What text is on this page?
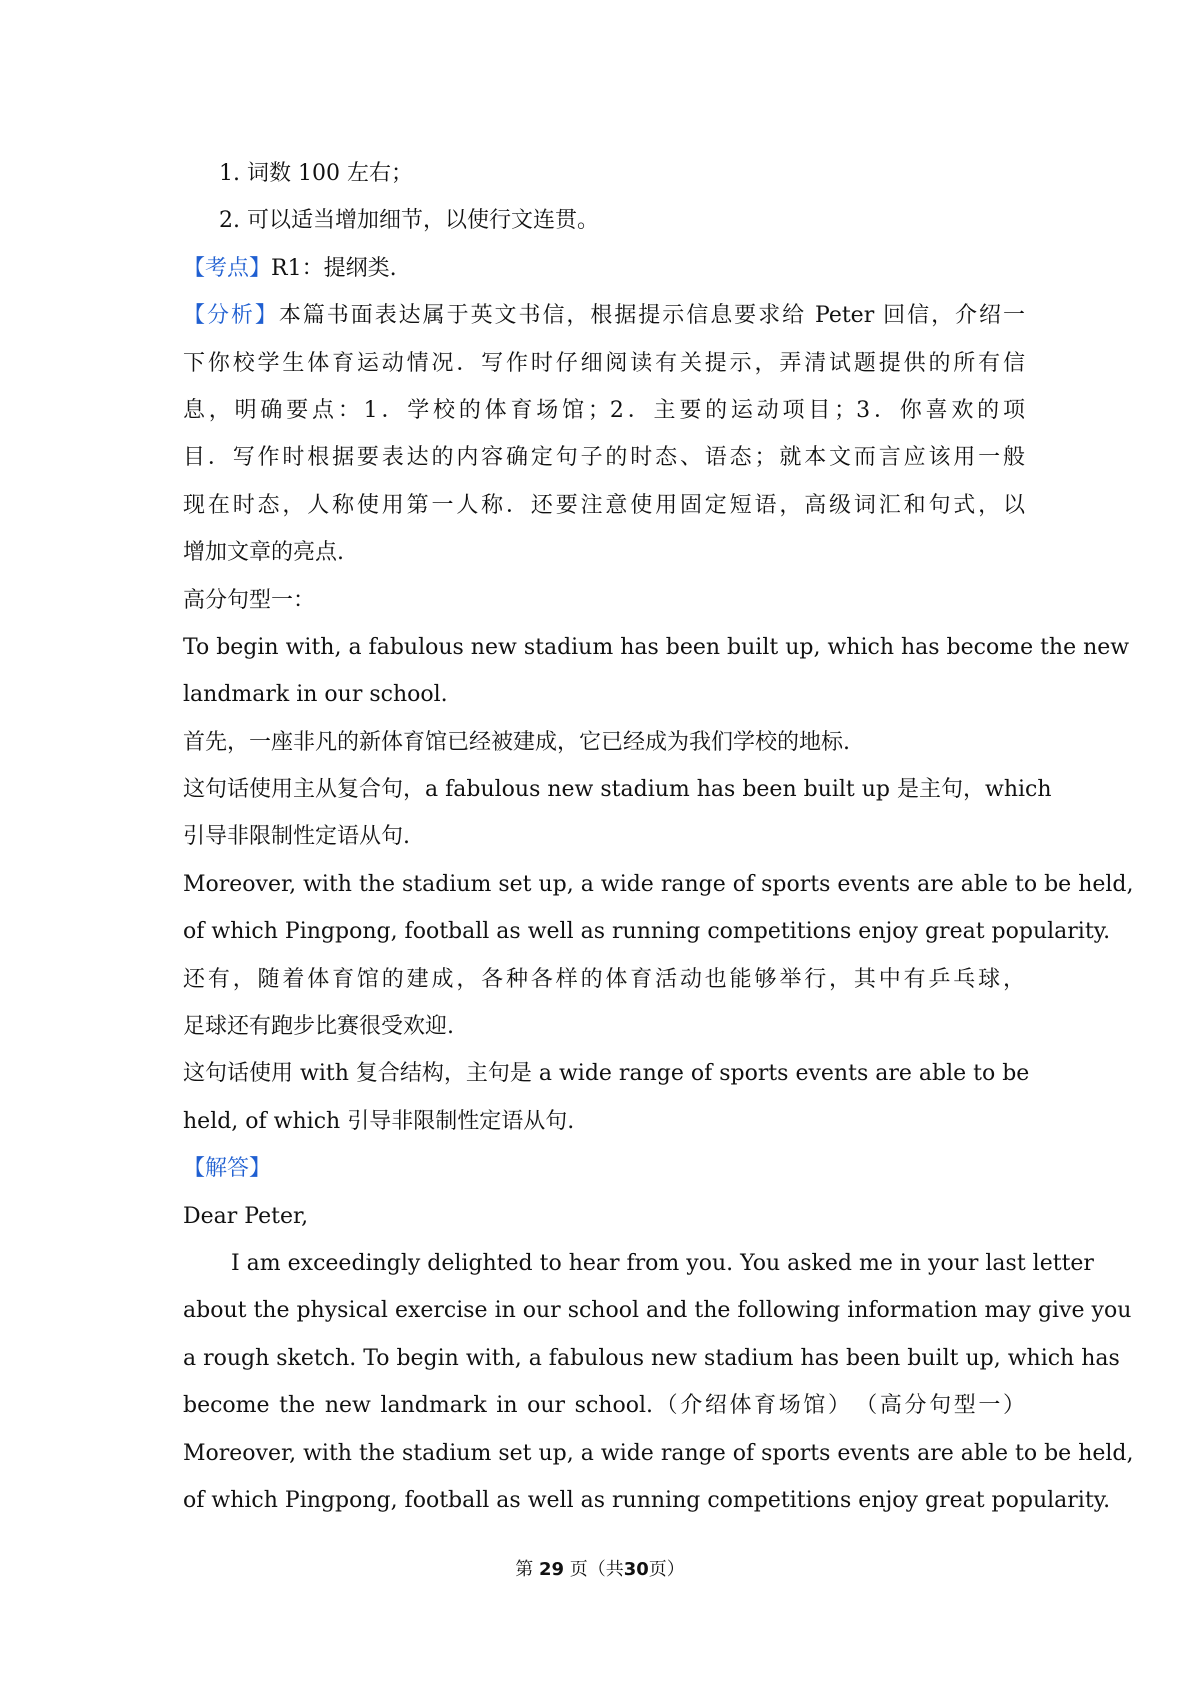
1. 词数 100 左右；
2. 可以适当增加细节，以使行文连贯。
【考点】R1：提纲类.
【分析】本篇书面表达属于英文书信，根据提示信息要求给 Peter 回信，介绍一
下你校学生体育运动情况．写作时仔细阅读有关提示，弄清试题提供的所有信
息，明确要点：1．学校的体育场馆；2．主要的运动项目；3．你喜欢的项
目．写作时根据要表达的内容确定句子的时态、语态；就本文而言应该用一般
现在时态，人称使用第一人称．还要注意使用固定短语，高级词汇和句式，以
增加文章的亮点.
高分句型一：
To begin with, a fabulous new stadium has been built up, which has become the new
landmark in our school.
首先，一座非凡的新体育馆已经被建成，它已经成为我们学校的地标.
这句话使用主从复合句，a fabulous new stadium has been built up 是主句，which
引导非限制性定语从句.
Moreover, with the stadium set up, a wide range of sports events are able to be held,
of which Pingpong, football as well as running competitions enjoy great popularity.
还有，随着体育馆的建成，各种各样的体育活动也能够举行，其中有乒乓球，
足球还有跑步比赛很受欢迎.
这句话使用 with 复合结构，主句是 a wide range of sports events are able to be
held, of which 引导非限制性定语从句.
【解答】
Dear Peter,
I am exceedingly delighted to hear from you. You asked me in your last letter
about the physical exercise in our school and the following information may give you
a rough sketch. To begin with, a fabulous new stadium has been built up, which has
become the new landmark in our school.（介绍体育场馆）　（高分句型一）
Moreover, with the stadium set up, a wide range of sports events are able to be held,
of which Pingpong, football as well as running competitions enjoy great popularity.
第 29 页（共30页）
